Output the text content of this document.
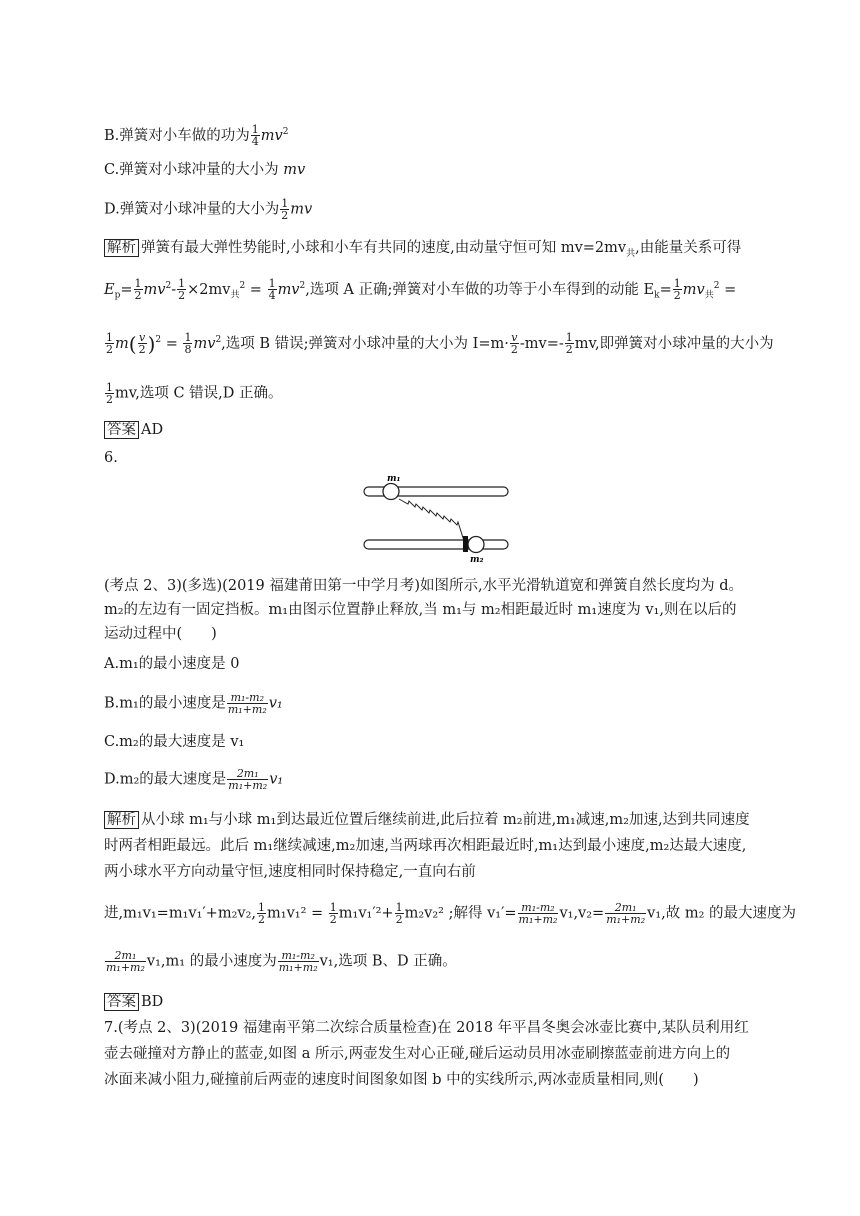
B.弹簧对小车做的功为 $\frac{1}{4} mv^2$
C.弹簧对小球冲量的大小为 mv
D.弹簧对小球冲量的大小为 $\frac{1}{2}$ mv
解析 弹簧有最大弹性势能时,小球和小车有共同的速度,由动量守恒可知 $mv=2mv_共$,由能量关系可得
$E_p= \frac{1}{2} mv^2- \frac{1}{2} \times 2mv_共^2 = \frac{1}{4} mv^2$,选项 A 正确;弹簧对小车做的功等于小车得到的动能 $E_k= \frac{1}{2} mv_共^2$ =
$\frac{1}{2} m( \frac{v}{2} )^2 = \frac{1}{8} mv^2$,选项 B 错误;弹簧对小球冲量的大小为 $I=m\cdot \frac{v}{2} -mv=- \frac{1}{2}$ mv,即弹簧对小球冲量的大小为
$\frac{1}{2}$ mv,选项 C 错误,D 正确。
答案 AD
6.
m₁
m₂
(考点 2、3)(多选)(2019 福建莆田第一中学月考)如图所示,水平光滑轨道宽和弹簧自然长度均为 d。
m₂的左边有一固定挡板。m₁由图示位置静止释放,当 m₁与 m₂相距最近时 m₁速度为 v₁,则在以后的
运动过程中(　　)
A.m₁的最小速度是 0
B.m₁的最小速度是 $\frac{\text{m₁-m₂}}{\text{m₁+m₂}} v_1$
C.m₂的最大速度是 v₁
D.m₂的最大速度是 $\frac{\text{2m₁}}{\text{m₁+m₂}} v_1$
解析 从小球 m₁与小球 m₁到达最近位置后继续前进,此后拉着 m₂前进,m₁减速,m₂加速,达到共同速度
时两者相距最远。此后 m₁继续减速,m₂加速,当两球再次相距最近时,m₁达到最小速度,m₂达最大速度,
两小球水平方向动量守恒,速度相同时保持稳定,一直向右前
进,m₁v₁=m₁v₁′+m₂v₂, $\frac{1}{2} m_1v_1^2 = \frac{1}{2} m_1v_1'^2+ \frac{1}{2} m_2v_2^2$ ;解得 $v_1'= \frac{\text{m₁-m₂}}{\text{m₁+m₂}} v_1,v_2= \frac{\text{2m₁}}{\text{m₁+m₂}} v_1$,故 m₂ 的最大速度为
$\frac{\text{2m₁}}{\text{m₁+m₂}} v_1,m_1$ 的最小速度为 $\frac{\text{m₁-m₂}}{\text{m₁+m₂}} v_1$,选项 B、D 正确。
答案 BD
7.(考点 2、3)(2019 福建南平第二次综合质量检查)在 2018 年平昌冬奥会冰壶比赛中,某队员利用红
壶去碰撞对方静止的蓝壶,如图 a 所示,两壶发生对心正碰,碰后运动员用冰壶刷擦蓝壶前进方向上的
冰面来减小阻力,碰撞前后两壶的速度时间图象如图 b 中的实线所示,两冰壶质量相同,则(　　)
